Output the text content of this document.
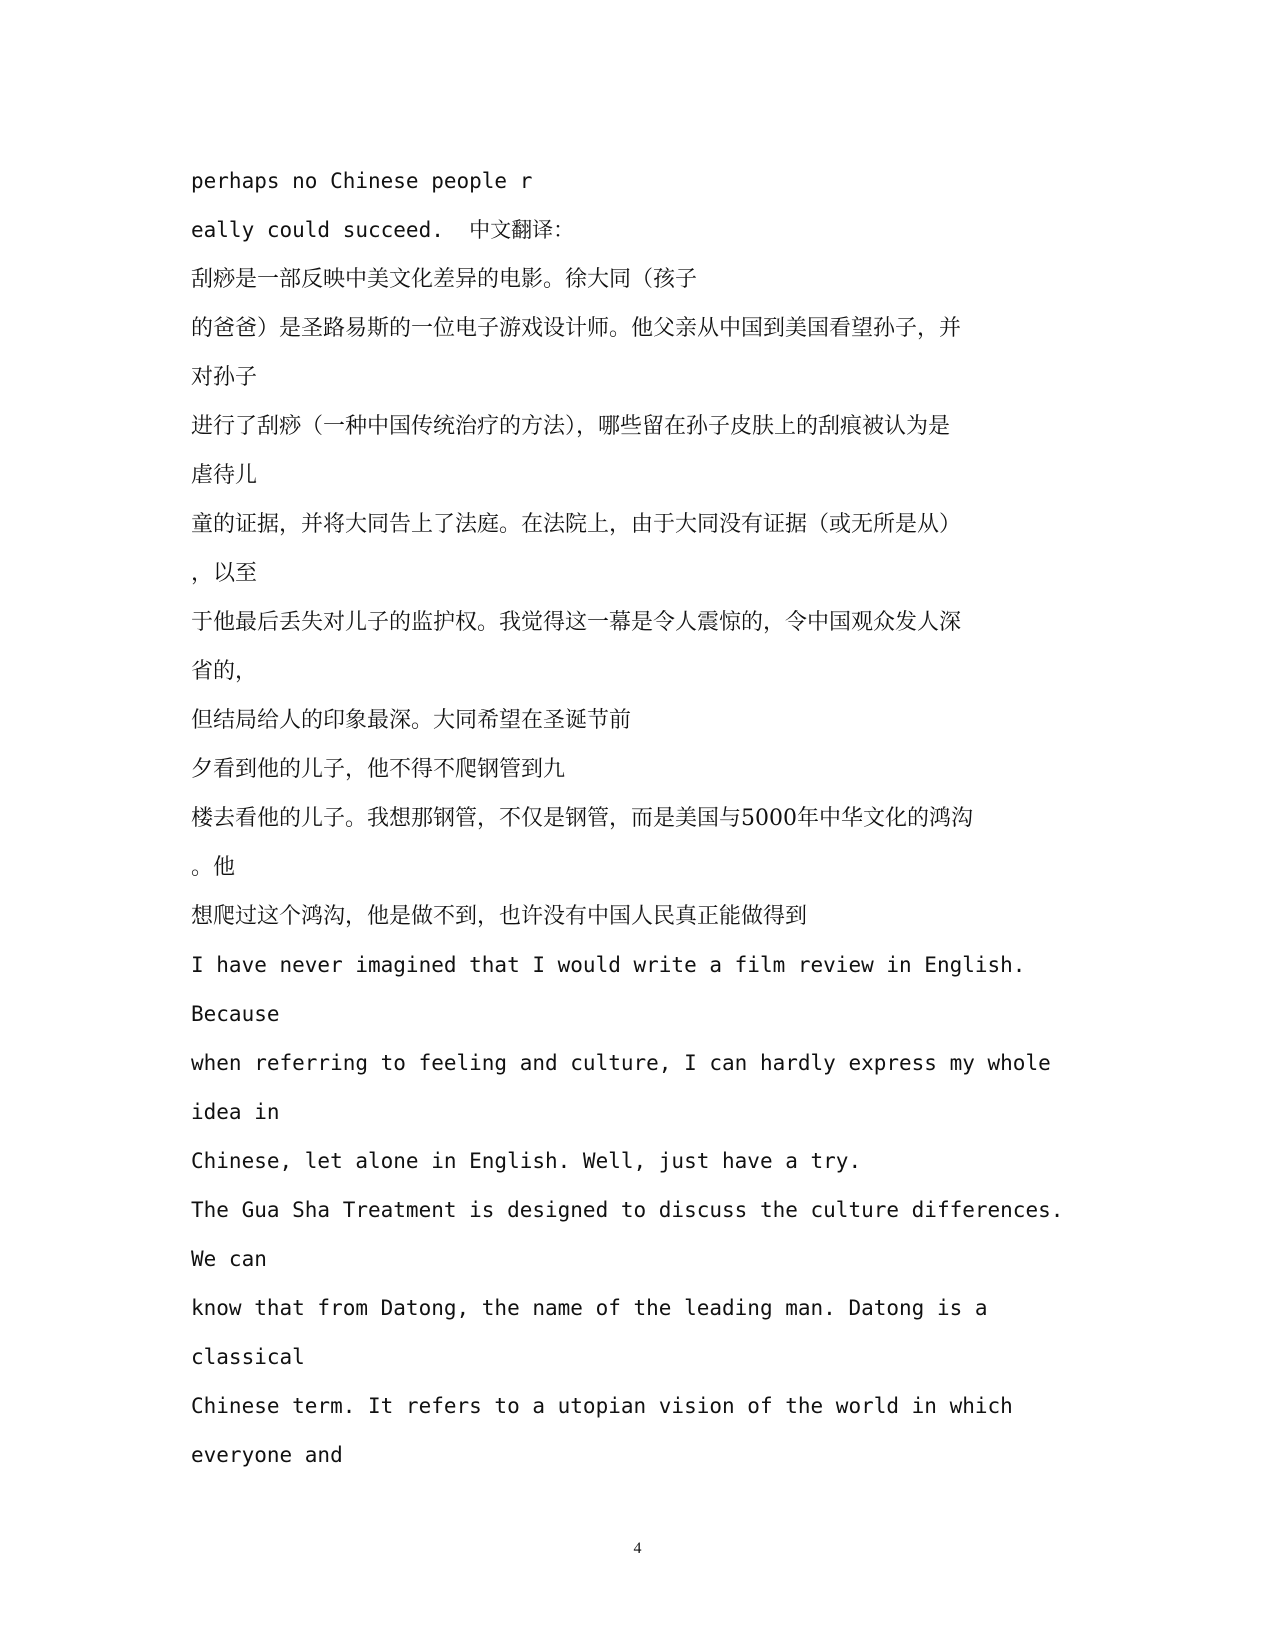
perhaps no Chinese people r
eally could succeed.  中文翻译：
刮痧是一部反映中美文化差异的电影。徐大同（孩子
的爸爸）是圣路易斯的一位电子游戏设计师。他父亲从中国到美国看望孙子，并
对孙子
进行了刮痧（一种中国传统治疗的方法），哪些留在孙子皮肤上的刮痕被认为是
虐待儿
童的证据，并将大同告上了法庭。在法院上，由于大同没有证据（或无所是从）
，以至
于他最后丢失对儿子的监护权。我觉得这一幕是令人震惊的，令中国观众发人深
省的，
但结局给人的印象最深。大同希望在圣诞节前
夕看到他的儿子，他不得不爬钢管到九
楼去看他的儿子。我想那钢管，不仅是钢管，而是美国与5000年中华文化的鸿沟
。他
想爬过这个鸿沟，他是做不到，也许没有中国人民真正能做得到
I have never imagined that I would write a film review in English.
Because
when referring to feeling and culture, I can hardly express my whole
idea in
Chinese, let alone in English. Well, just have a try.
The Gua Sha Treatment is designed to discuss the culture differences.
We can
know that from Datong, the name of the leading man. Datong is a
classical
Chinese term. It refers to a utopian vision of the world in which
everyone and
4
